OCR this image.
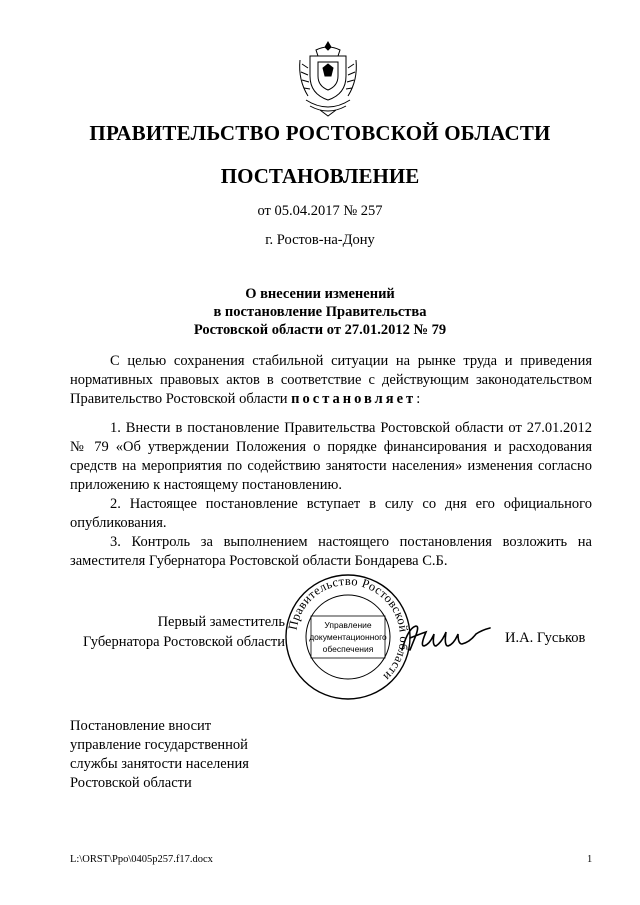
ПРАВИТЕЛЬСТВО РОСТОВСКОЙ ОБЛАСТИ
ПОСТАНОВЛЕНИЕ
от 05.04.2017 № 257
г. Ростов-на-Дону
О внесении изменений
в постановление Правительства
Ростовской области от 27.01.2012 № 79

С целью сохранения стабильной ситуации на рынке труда и приведения нормативных правовых актов в соответствие с действующим законодательством Правительство Ростовской области постановляет:

1. Внести в постановление Правительства Ростовской области от 27.01.2012 № 79 «Об утверждении Положения о порядке финансирования и расходования средств на мероприятия по содействию занятости населения» изменения согласно приложению к настоящему постановлению.

2. Настоящее постановление вступает в силу со дня его официального опубликования.

3. Контроль за выполнением настоящего постановления возложить на заместителя Губернатора Ростовской области Бондарева С.Б.

Первый заместитель
Губернатора Ростовской области
Правительство Ростовской области
Управление
документационного
обеспечения
И.А. Гуськов
Постановление вносит
управление государственной
службы занятости населения
Ростовской области
L:\ORST\Ppo\0405p257.f17.docx	1
